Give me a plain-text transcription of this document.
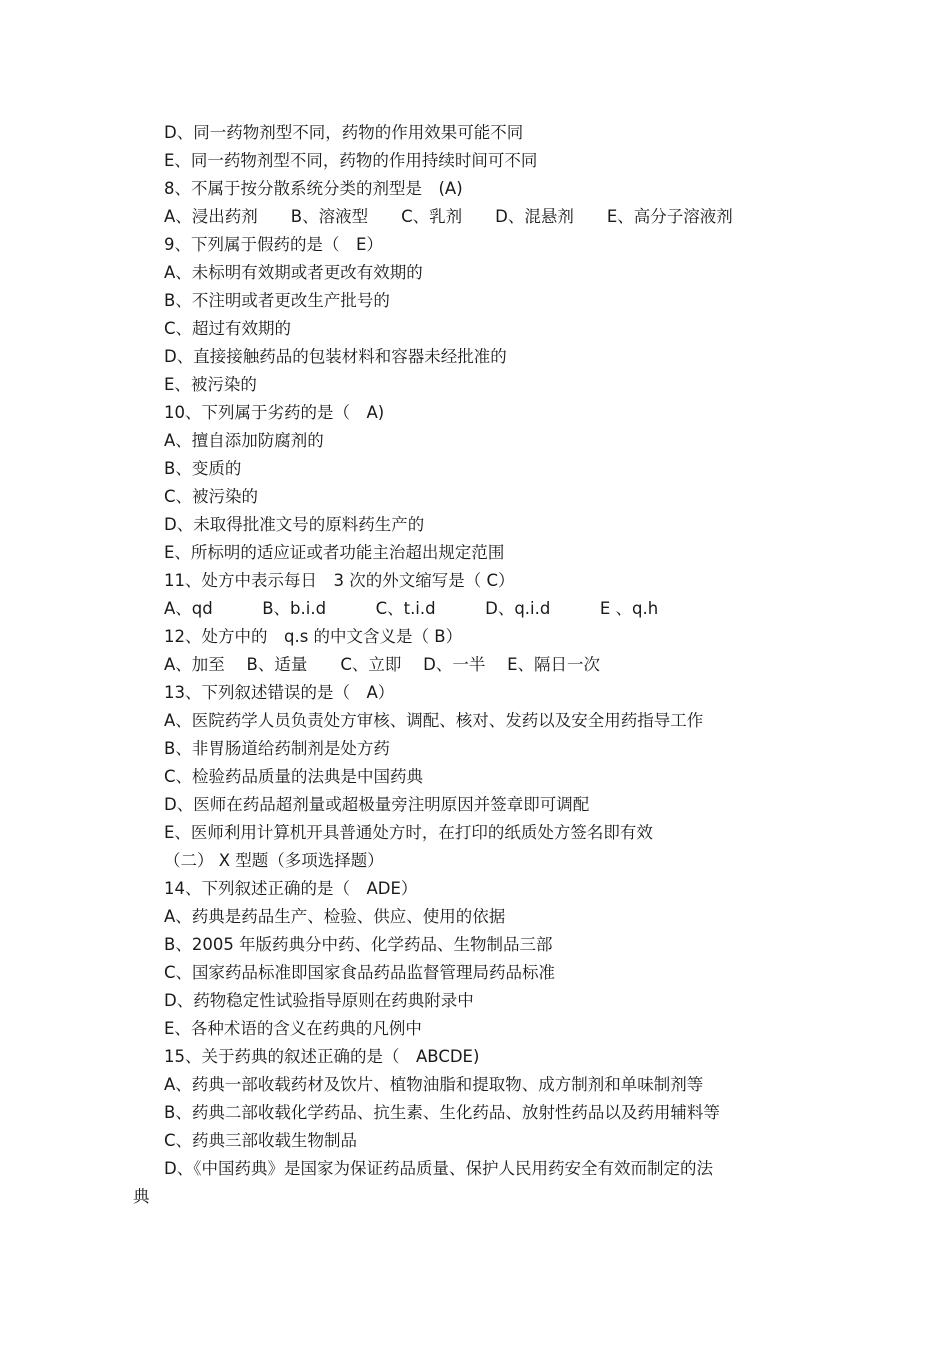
D、同一药物剂型不同，药物的作用效果可能不同
E、同一药物剂型不同，药物的作用持续时间可不同
8、不属于按分散系统分类的剂型是　(A)
A、浸出药剂　　B、溶液型　　C、乳剂　　D、混悬剂　　E、高分子溶液剂
9、下列属于假药的是（　E）
A、未标明有效期或者更改有效期的
B、不注明或者更改生产批号的
C、超过有效期的
D、直接接触药品的包装材料和容器未经批准的
E、被污染的
10、下列属于劣药的是（　A)
A、擅自添加防腐剂的
B、变质的
C、被污染的
D、未取得批准文号的原料药生产的
E、所标明的适应证或者功能主治超出规定范围
11、处方中表示每日　3 次的外文缩写是（ C）
A、qd　　　B、b.i.d　　　C、t.i.d　　　D、q.i.d　　　E 、q.h
12、处方中的　q.s 的中文含义是（ B）
A、加至　 B、适量　　C、立即　 D、一半　 E、隔日一次
13、下列叙述错误的是（　A）
A、医院药学人员负责处方审核、调配、核对、发药以及安全用药指导工作
B、非胃肠道给药制剂是处方药
C、检验药品质量的法典是中国药典
D、医师在药品超剂量或超极量旁注明原因并签章即可调配
E、医师利用计算机开具普通处方时，在打印的纸质处方签名即有效
（二） X 型题（多项选择题）
14、下列叙述正确的是（　ADE）
A、药典是药品生产、检验、供应、使用的依据
B、2005 年版药典分中药、化学药品、生物制品三部
C、国家药品标准即国家食品药品监督管理局药品标准
D、药物稳定性试验指导原则在药典附录中
E、各种术语的含义在药典的凡例中
15、关于药典的叙述正确的是（　ABCDE)
A、药典一部收载药材及饮片、植物油脂和提取物、成方制剂和单味制剂等
B、药典二部收载化学药品、抗生素、生化药品、放射性药品以及药用辅料等
C、药典三部收载生物制品
D、《中国药典》是国家为保证药品质量、保护人民用药安全有效而制定的法
典
